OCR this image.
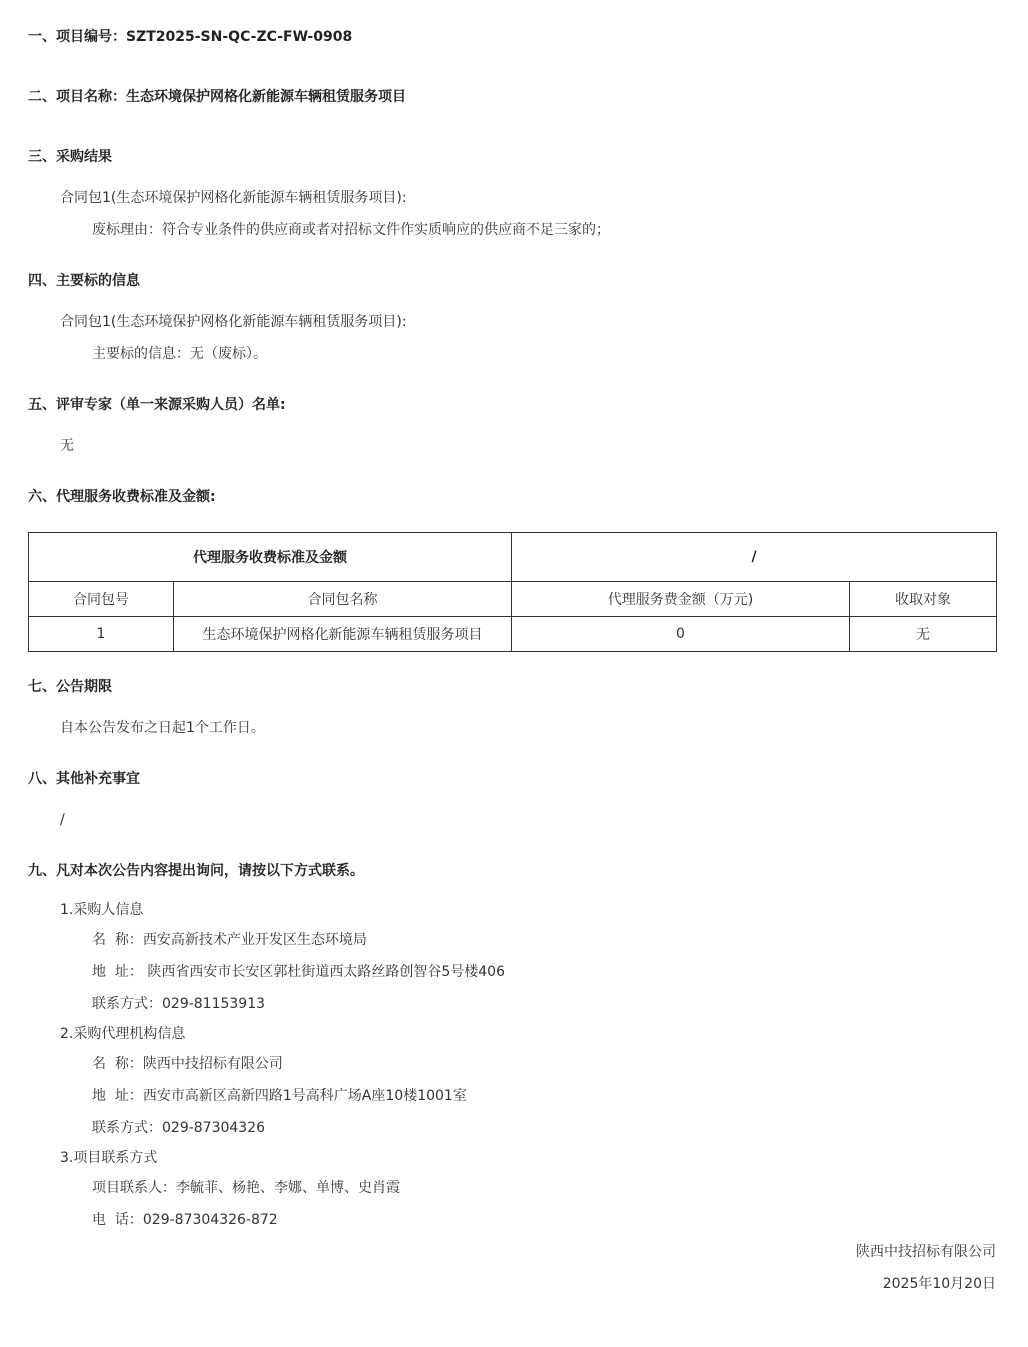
一、项目编号：SZT2025-SN-QC-ZC-FW-0908
二、项目名称：生态环境保护网格化新能源车辆租赁服务项目
三、采购结果
合同包1(生态环境保护网格化新能源车辆租赁服务项目):
废标理由：符合专业条件的供应商或者对招标文件作实质响应的供应商不足三家的；
四、主要标的信息
合同包1(生态环境保护网格化新能源车辆租赁服务项目):
主要标的信息：无（废标）。
五、评审专家（单一来源采购人员）名单:
无
六、代理服务收费标准及金额:
代理服务收费标准及金额		/	
合同包号	合同包名称	代理服务费金额（万元)	收取对象
1	生态环境保护网格化新能源车辆租赁服务项目	0	无
七、公告期限
自本公告发布之日起1个工作日。
八、其他补充事宜
/
九、凡对本次公告内容提出询问，请按以下方式联系。
1.采购人信息
名  称：西安高新技术产业开发区生态环境局
地  址： 陕西省西安市长安区郭杜街道西太路丝路创智谷5号楼406
联系方式：029-81153913
2.采购代理机构信息
名  称：陕西中技招标有限公司
地  址：西安市高新区高新四路1号高科广场A座10楼1001室
联系方式：029-87304326
3.项目联系方式
项目联系人：李毓菲、杨艳、李娜、单博、史肖霞
电  话：029-87304326-872
陕西中技招标有限公司
2025年10月20日
